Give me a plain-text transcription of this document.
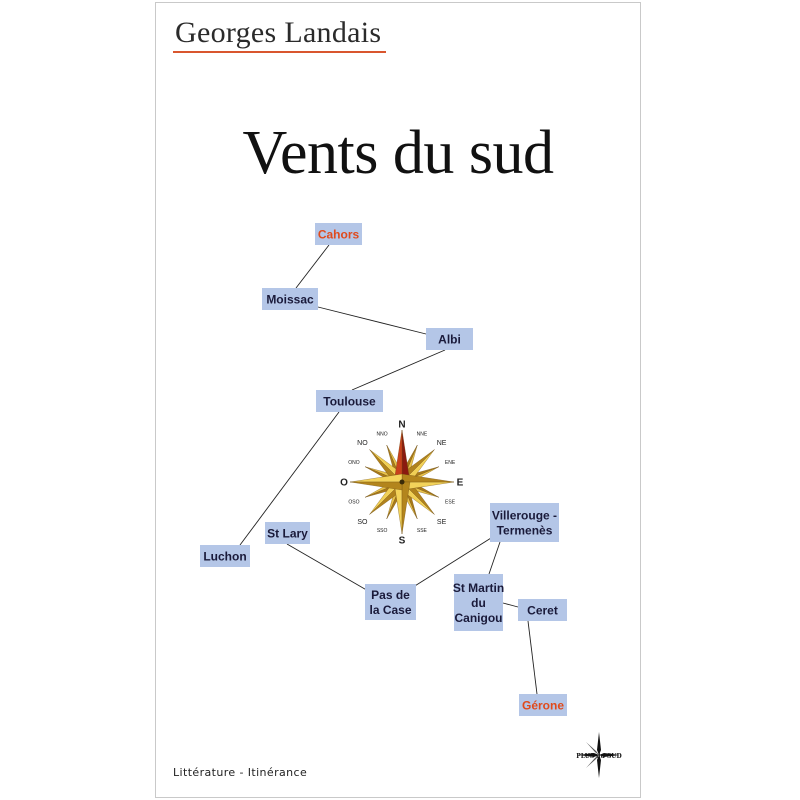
Georges Landais
Vents du sud
Cahors
Moissac
Albi
Toulouse
Luchon
St Lary
Pas de
la Case
Villerouge -
Termenès
St Martin
du
Canigou
Ceret
Gérone
N
E
S
O
NE
SE
SO
NO
NNE
ENE
ESE
SSE
SSO
OSO
ONO
NNO
Littérature - Itinérance
PLUS du SUD
